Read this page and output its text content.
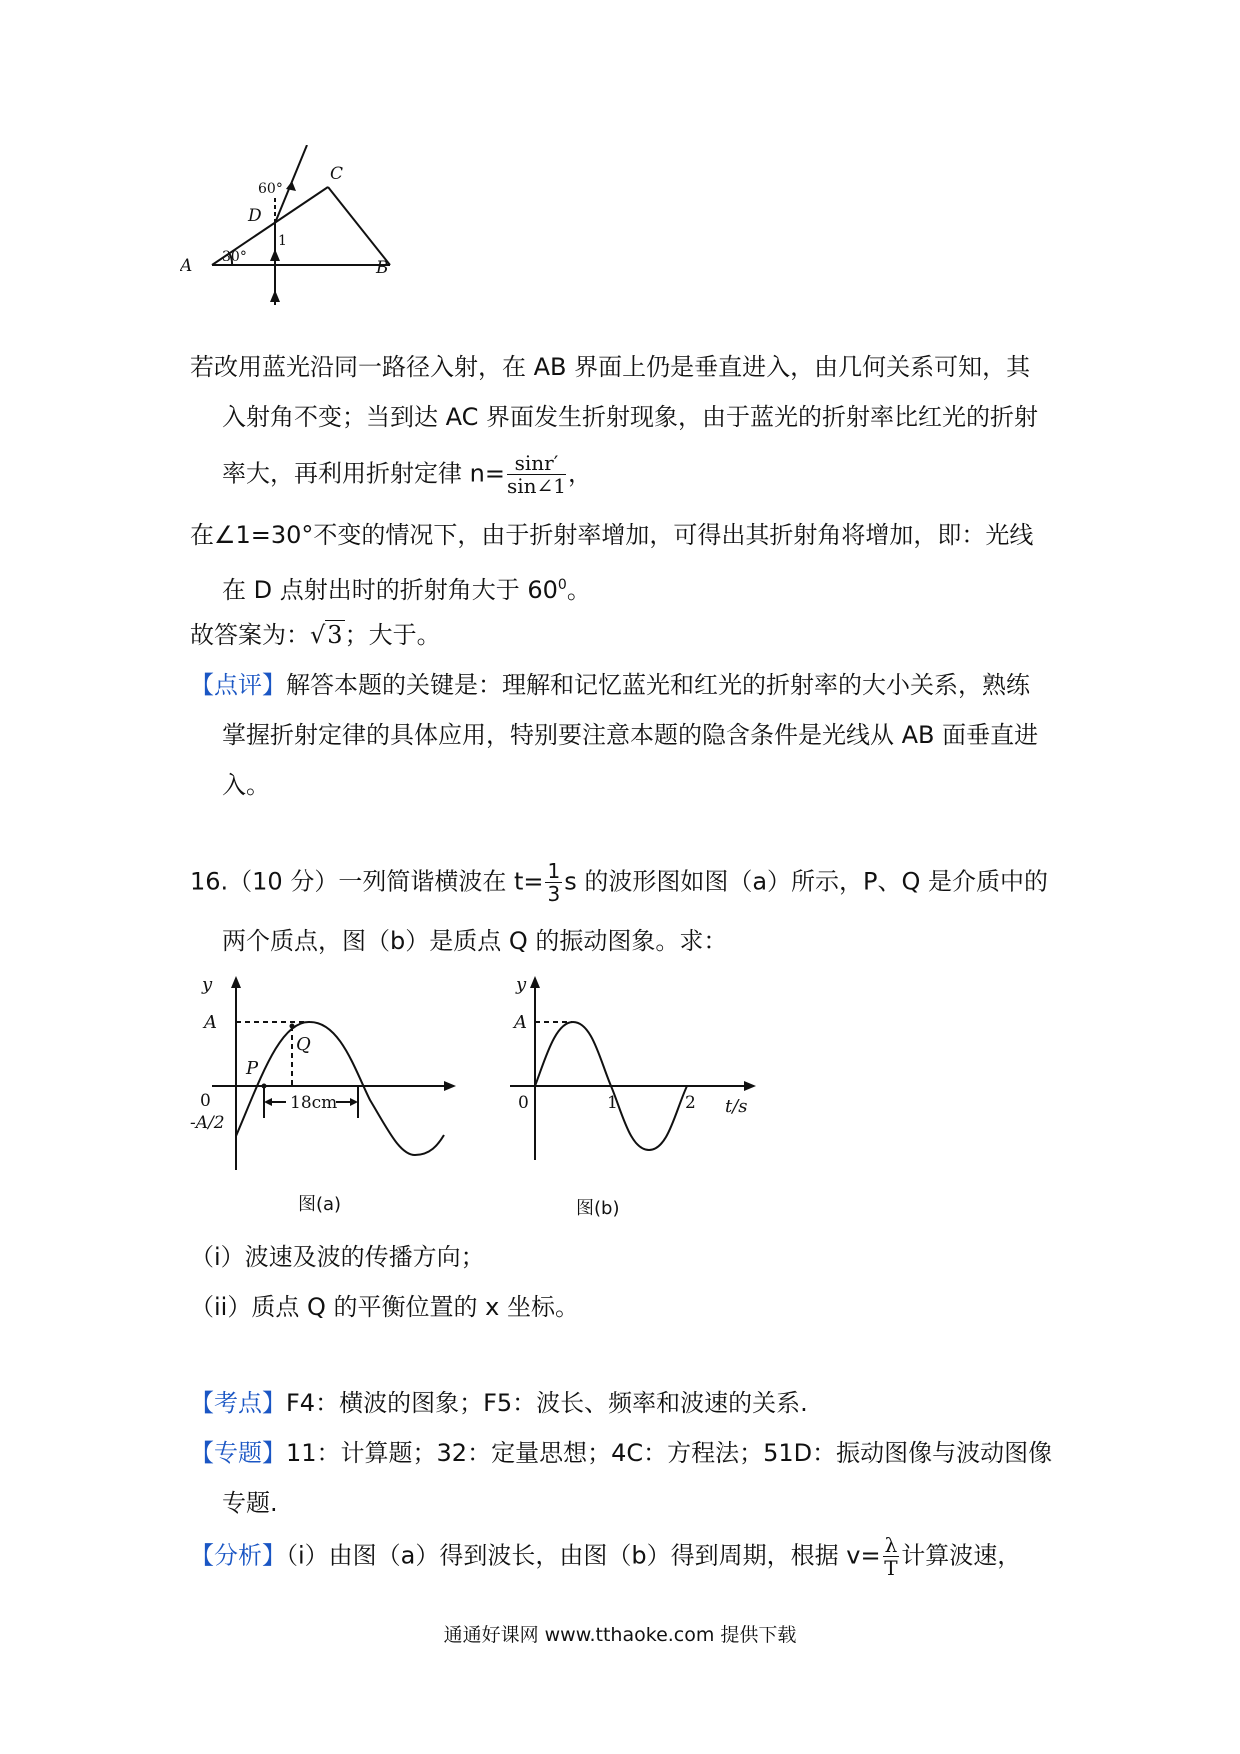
A	B
C
D
30°
60°
1
若改用蓝光沿同一路径入射，在 AB 界面上仍是垂直进入，由几何关系可知，其
入射角不变；当到达 AC 界面发生折射现象，由于蓝光的折射率比红光的折射
率大，再利用折射定律 $n= \frac{\sin r'}{\sin\angle 1}$ ，
在∠1=30°不变的情况下，由于折射率增加，可得出其折射角将增加，即：光线
在 D 点射出时的折射角大于 $60^0$。
故答案为：√3；大于。
【点评】解答本题的关键是：理解和记忆蓝光和红光的折射率的大小关系，熟练
掌握折射定律的具体应用，特别要注意本题的隐含条件是光线从 AB 面垂直进
入。
16.（10 分）一列简谐横波在 $t= \frac{1}{3}$ s 的波形图如图（a）所示，P、Q 是介质中的
两个质点，图（b）是质点 Q 的振动图象。求：
y
A
P
Q
0
-A/2
18cm
图(a)
y
A
0	1	2 t/s
图(b)
（i）波速及波的传播方向；
（ii）质点 Q 的平衡位置的 x 坐标。
【考点】F4：横波的图象；F5：波长、频率和波速的关系.
【专题】11：计算题；32：定量思想；4C：方程法；51D：振动图像与波动图像
专题.
【分析】（i）由图（a）得到波长，由图（b）得到周期，根据 $v= \frac{\lambda}{T}$ 计算波速，
通通好课网 www.tthaoke.com 提供下载
